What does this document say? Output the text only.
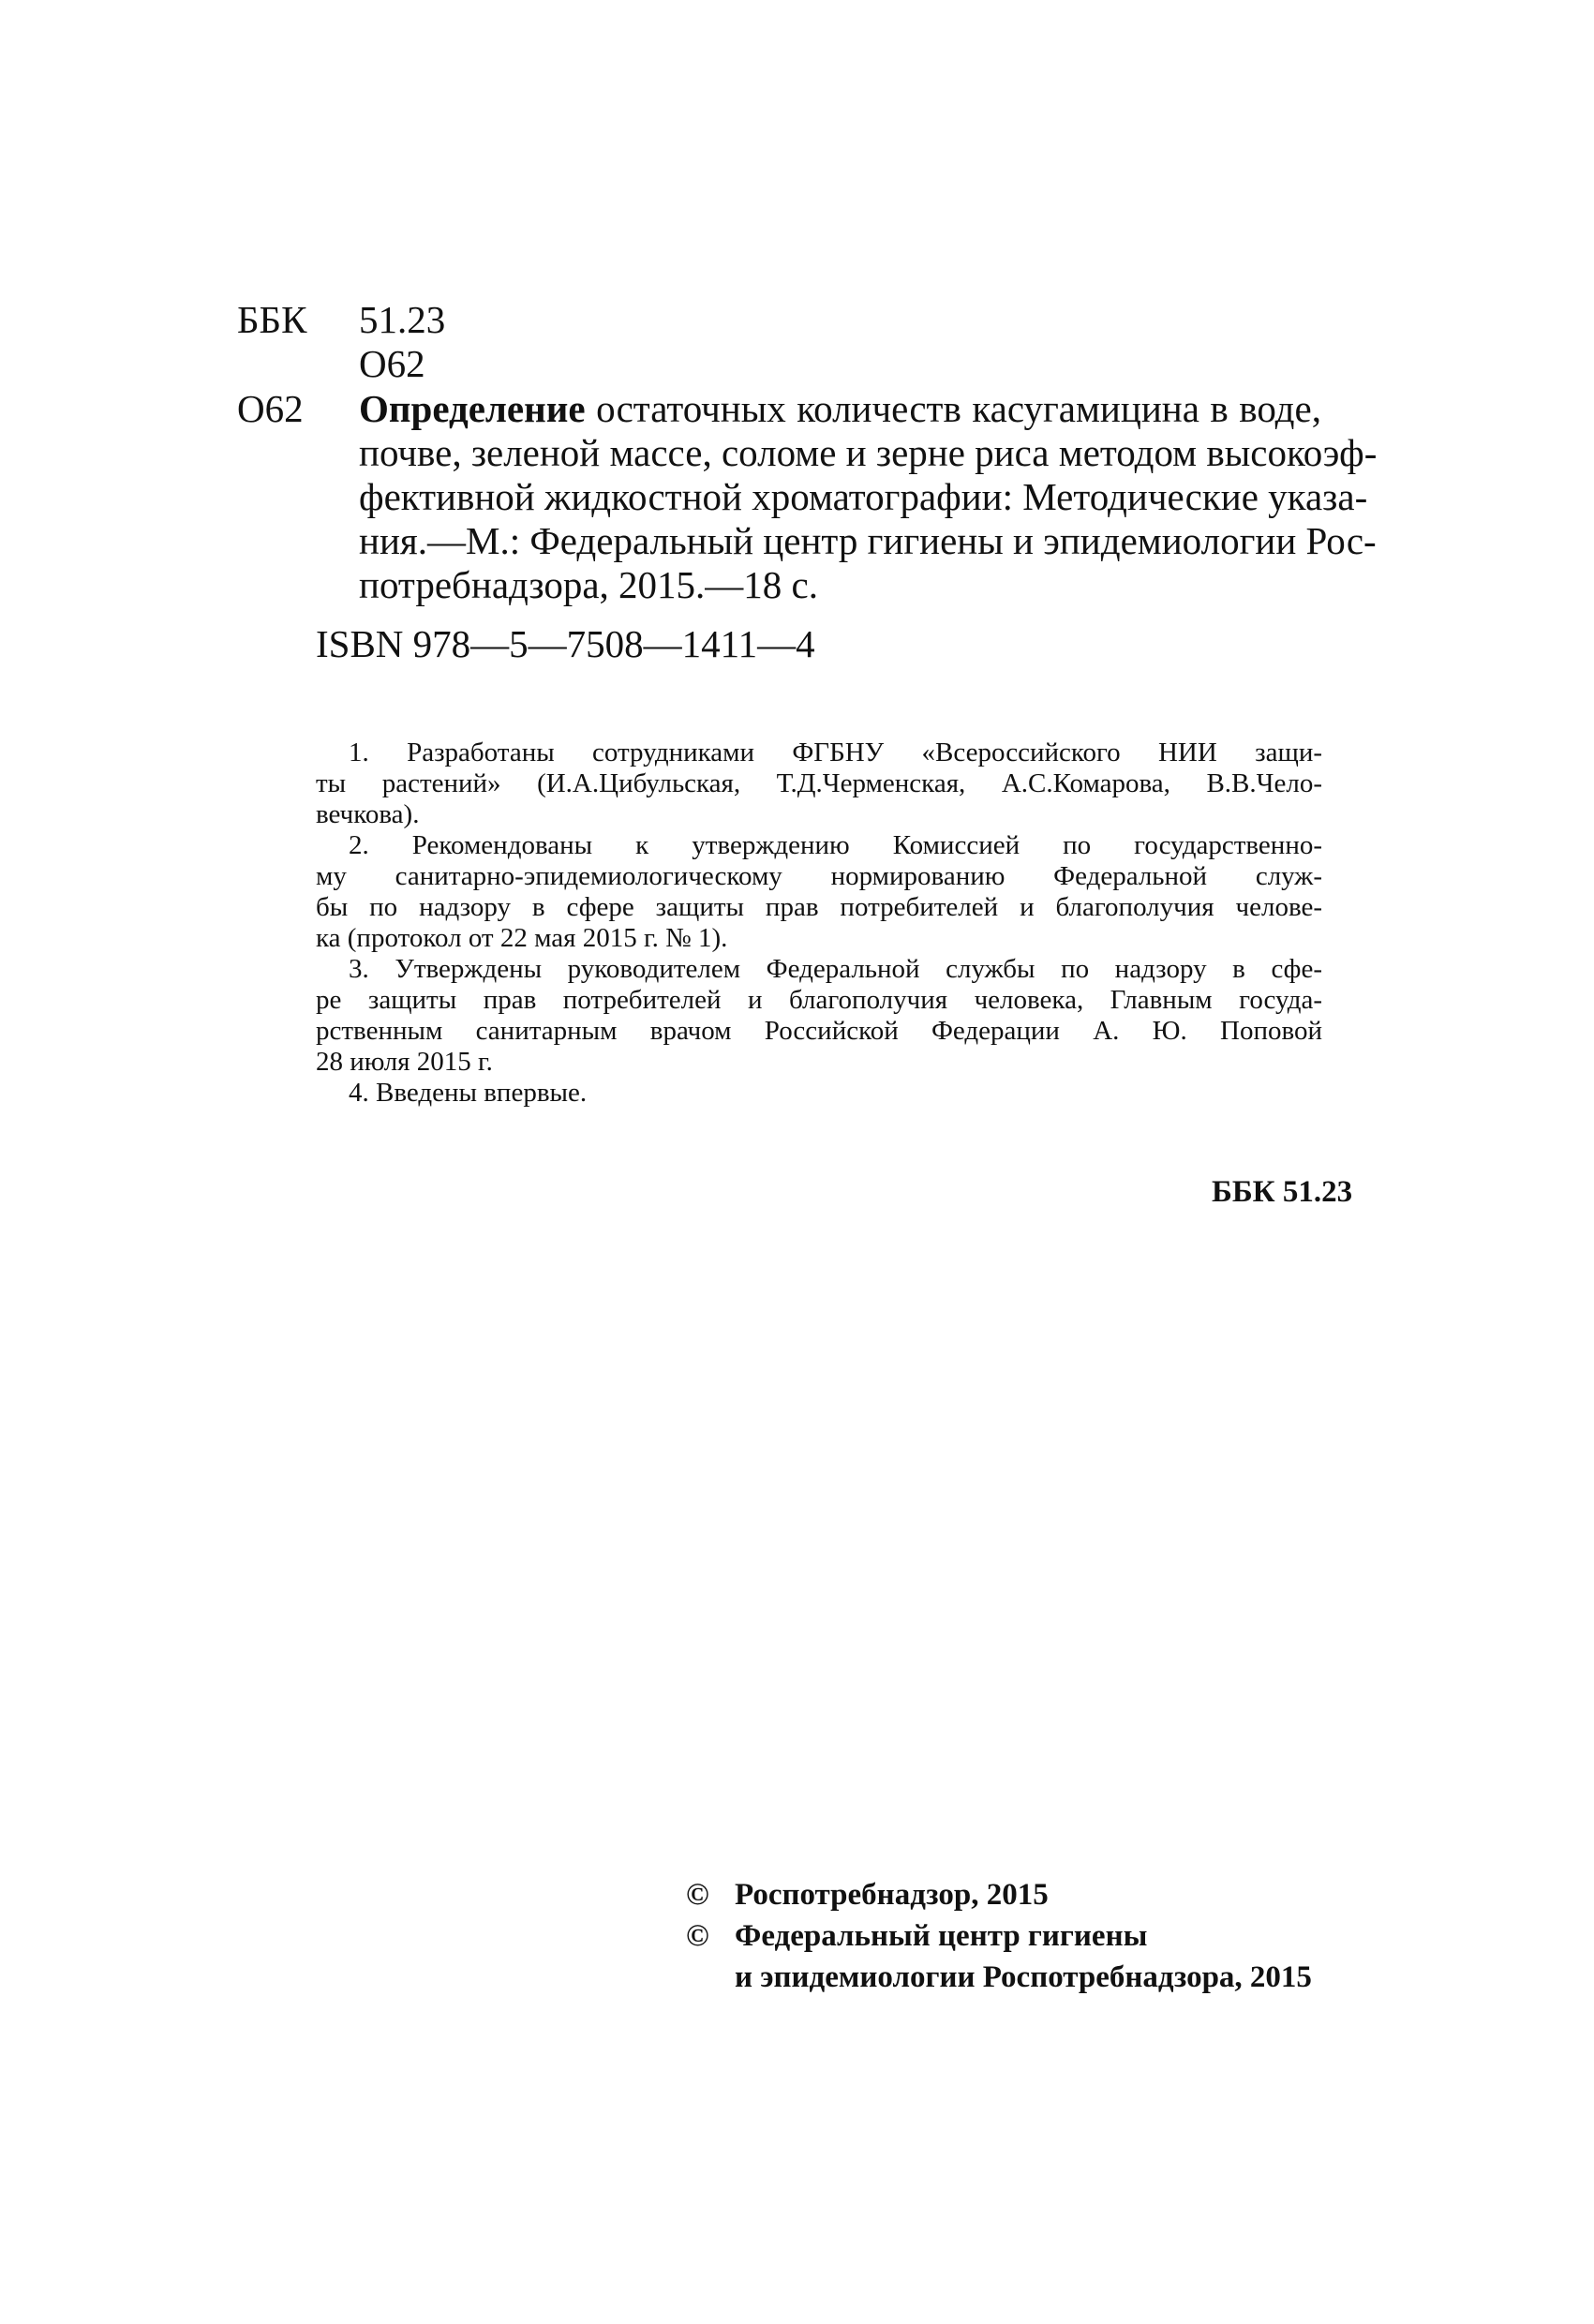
ББК 51.23
О62
О62 Определение остаточных количеств касугамицина в воде,
почве, зеленой массе, соломе и зерне риса методом высокоэф-
фективной жидкостной хроматографии: Методические указа-
ния.—М.: Федеральный центр гигиены и эпидемиологии Рос-
потребнадзора, 2015.—18 с.
ISBN 978—5—7508—1411—4
1. Разработаны сотрудниками ФГБНУ «Всероссийского НИИ защи-
ты растений» (И.А.Цибульская, Т.Д.Черменская, А.С.Комарова, В.В.Чело-
вечкова).
2. Рекомендованы к утверждению Комиссией по государственно-
му санитарно-эпидемиологическому нормированию Федеральной служ-
бы по надзору в сфере защиты прав потребителей и благополучия челове-
ка (протокол от 22 мая 2015 г. № 1).
3. Утверждены руководителем Федеральной службы по надзору в сфе-
ре защиты прав потребителей и благополучия человека, Главным госуда-
рственным санитарным врачом Российской Федерации А. Ю. Поповой
28 июля 2015 г.
4. Введены впервые.
ББК 51.23
© Роспотребнадзор, 2015
© Федеральный центр гигиены
и эпидемиологии Роспотребнадзора, 2015
